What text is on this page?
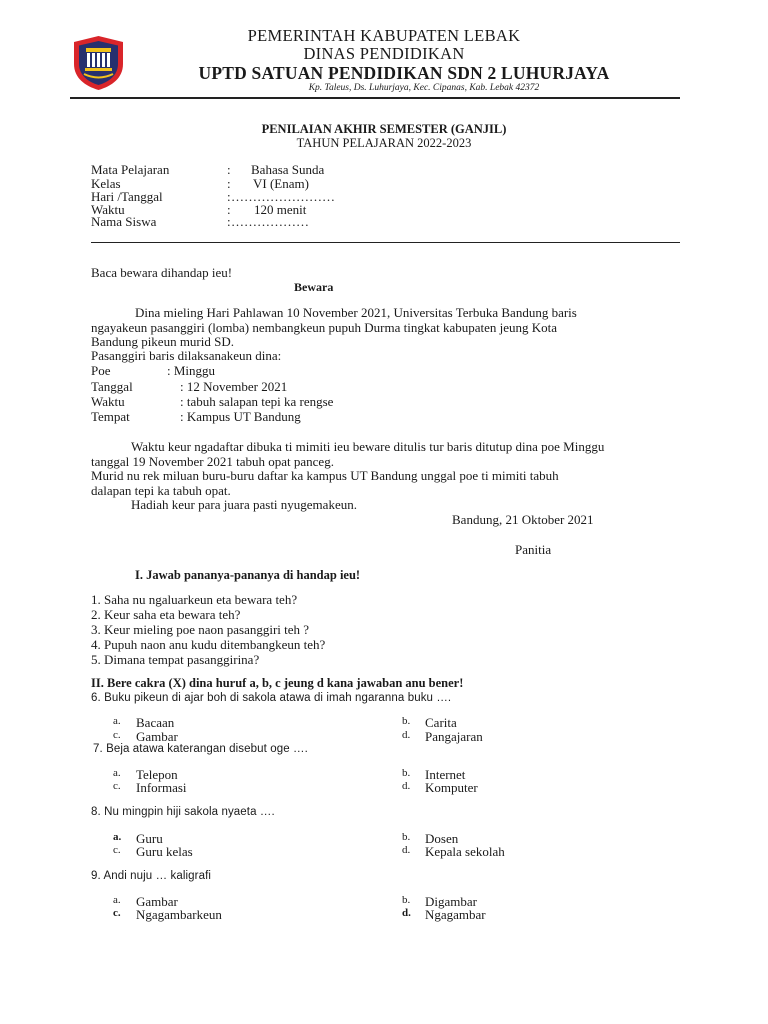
PEMERINTAH KABUPATEN LEBAK
DINAS PENDIDIKAN
UPTD SATUAN PENDIDIKAN SDN 2 LUHURJAYA
Kp. Taleus, Ds. Luhurjaya, Kec. Cipanas, Kab. Lebak 42372
PENILAIAN AKHIR SEMESTER (GANJIL)
TAHUN PELAJARAN 2022-2023
Mata Pelajaran	: Bahasa Sunda
Kelas	: VI (Enam)
Hari /Tanggal	: ……………………
Waktu	: 120 menit
Nama Siswa	: ………………
Baca bewara dihandap ieu!
Bewara
Dina mieling Hari Pahlawan 10 November 2021, Universitas Terbuka Bandung baris
ngayakeun pasanggiri (lomba) nembangkeun pupuh Durma tingkat kabupaten jeung Kota
Bandung pikeun murid SD.
Pasanggiri baris dilaksanakeun dina:
Poe	: Minggu
Tanggal	: 12 November 2021
Waktu	: tabuh salapan tepi ka rengse
Tempat	: Kampus UT Bandung
Waktu keur ngadaftar dibuka ti mimiti ieu beware ditulis tur baris ditutup dina poe Minggu
tanggal 19 November 2021 tabuh opat panceg.
Murid nu rek miluan buru-buru daftar ka kampus UT Bandung unggal poe ti mimiti tabuh
dalapan tepi ka tabuh opat.
Hadiah keur para juara pasti nyugemakeun.
Bandung, 21 Oktober 2021
Panitia
I. Jawab pananya-pananya di handap ieu!
1. Saha nu ngaluarkeun eta bewara teh?
2. Keur saha eta bewara teh?
3. Keur mieling poe naon pasanggiri teh ?
4. Pupuh naon anu kudu ditembangkeun teh?
5. Dimana tempat pasanggirina?
II. Bere cakra (X) dina huruf a, b, c jeung d kana jawaban anu bener!
6. Buku pikeun di ajar boh di sakola atawa di imah ngaranna buku ….
a. Bacaan	b. Carita
c. Gambar	d. Pangajaran
7. Beja atawa katerangan disebut oge ….
a. Telepon	b. Internet
c. Informasi	d. Komputer
8. Nu mingpin hiji sakola nyaeta ….
a. Guru	b. Dosen
c. Guru kelas	d. Kepala sekolah
9. Andi nuju … kaligrafi
a. Gambar	b. Digambar
c. Ngagambarkeun	d. Ngagambar
